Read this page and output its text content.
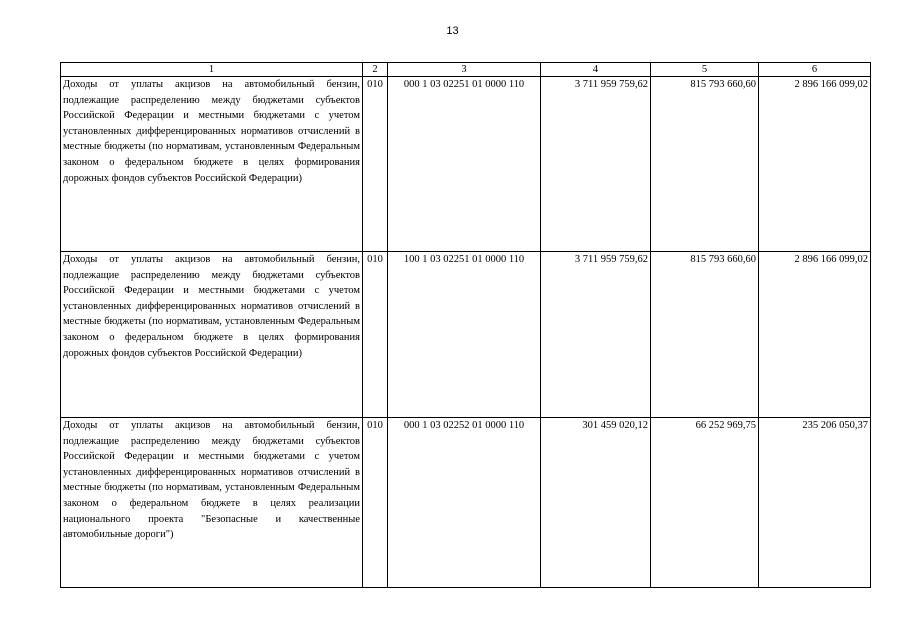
13
1	2	3	4	5	6
Доходы от уплаты акцизов на автомобильный бензин, подлежащие распределению между бюджетами субъектов Российской Федерации и местными бюджетами с учетом установленных дифференцированных нормативов отчислений в местные бюджеты (по нормативам, установленным Федеральным законом о федеральном бюджете в целях формирования дорожных фондов субъектов Российской Федерации)	010	000 1 03 02251 01 0000 110	3 711 959 759,62	815 793 660,60	2 896 166 099,02
Доходы от уплаты акцизов на автомобильный бензин, подлежащие распределению между бюджетами субъектов Российской Федерации и местными бюджетами с учетом установленных дифференцированных нормативов отчислений в местные бюджеты (по нормативам, установленным Федеральным законом о федеральном бюджете в целях формирования дорожных фондов субъектов Российской Федерации)	010	100 1 03 02251 01 0000 110	3 711 959 759,62	815 793 660,60	2 896 166 099,02
Доходы от уплаты акцизов на автомобильный бензин, подлежащие распределению между бюджетами субъектов Российской Федерации и местными бюджетами с учетом установленных дифференцированных нормативов отчислений в местные бюджеты (по нормативам, установленным Федеральным законом о федеральном бюджете в целях реализации национального проекта "Безопасные и качественные автомобильные дороги")	010	000 1 03 02252 01 0000 110	301 459 020,12	66 252 969,75	235 206 050,37
